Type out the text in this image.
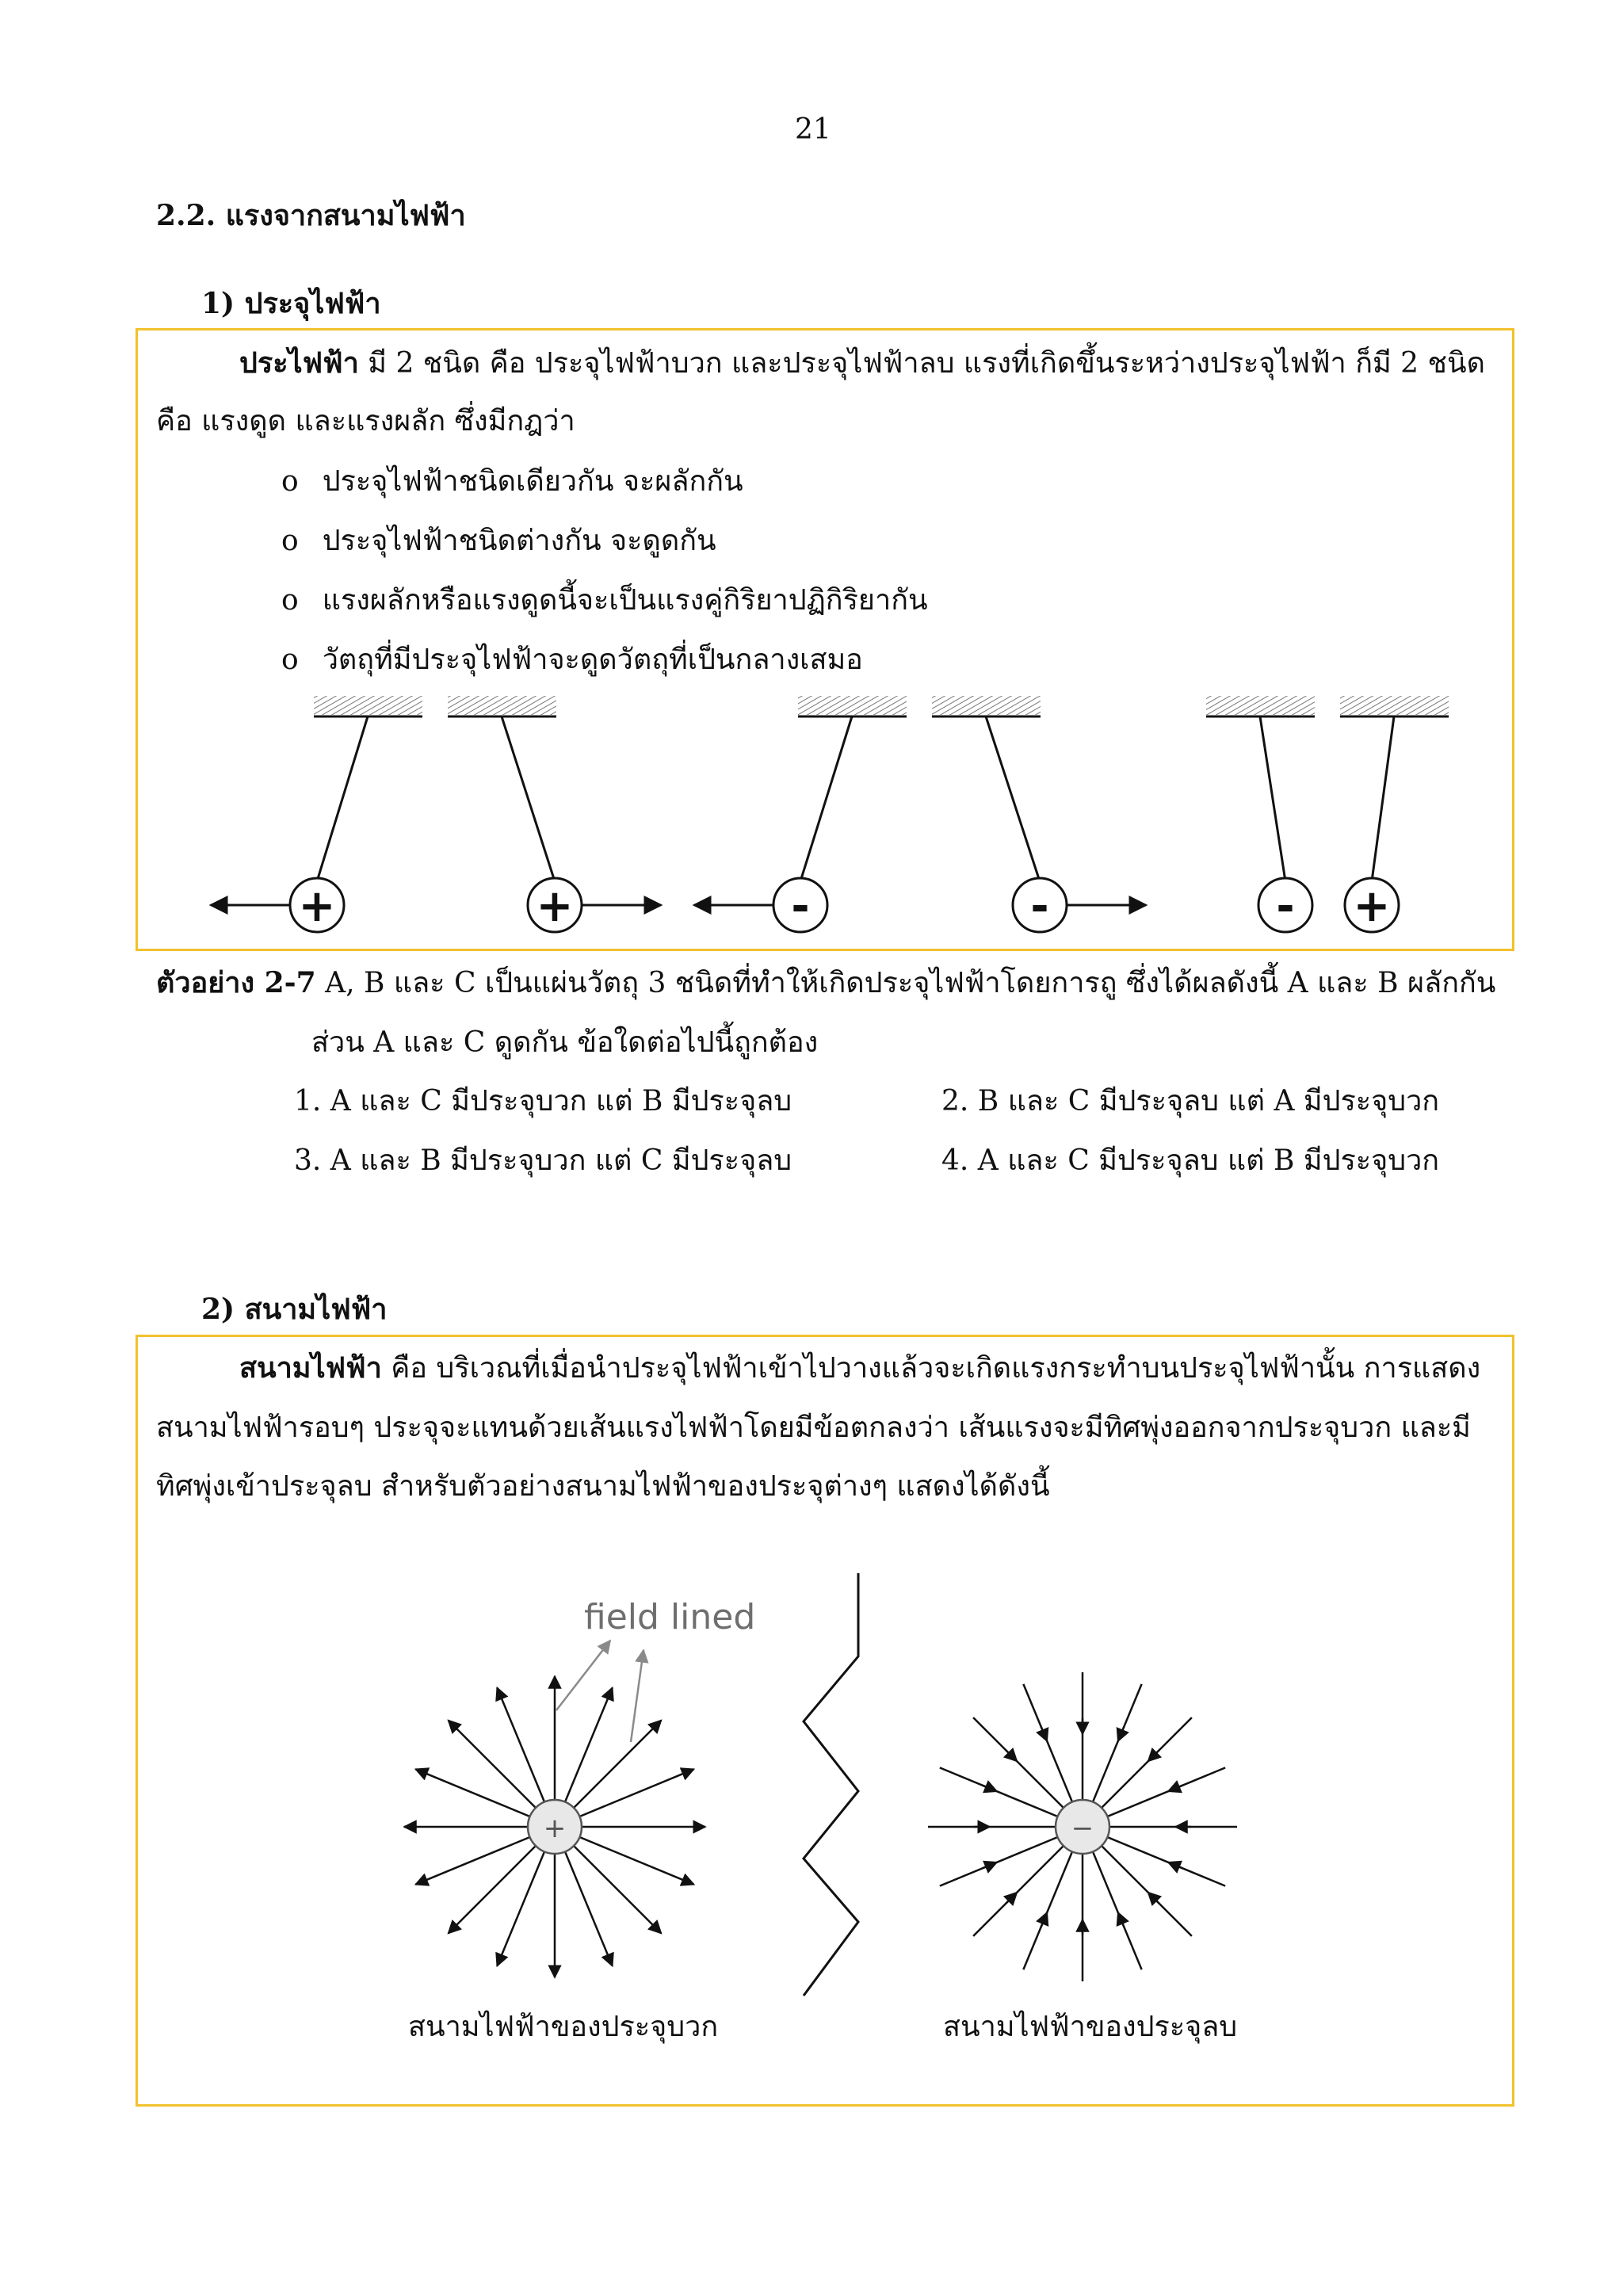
21
2.2. แรงจากสนามไฟฟ้า
1) ประจุไฟฟ้า
ประไฟฟ้า มี 2 ชนิด คือ ประจุไฟฟ้าบวก และประจุไฟฟ้าลบ แรงที่เกิดขึ้นระหว่างประจุไฟฟ้า ก็มี 2 ชนิด
คือ แรงดูด และแรงผลัก ซึ่งมีกฎว่า
o ประจุไฟฟ้าชนิดเดียวกัน จะผลักกัน
o ประจุไฟฟ้าชนิดต่างกัน จะดูดกัน
o แรงผลักหรือแรงดูดนี้จะเป็นแรงคู่กิริยาปฏิกิริยากัน
o วัตถุที่มีประจุไฟฟ้าจะดูดวัตถุที่เป็นกลางเสมอ
+	+	-	-	- +
ตัวอย่าง 2-7 A, B และ C เป็นแผ่นวัตถุ 3 ชนิดที่ทำให้เกิดประจุไฟฟ้าโดยการถู ซึ่งได้ผลดังนี้ A และ B ผลักกัน
ส่วน A และ C ดูดกัน ข้อใดต่อไปนี้ถูกต้อง
1. A และ C มีประจุบวก แต่ B มีประจุลบ	2. B และ C มีประจุลบ แต่ A มีประจุบวก
3. A และ B มีประจุบวก แต่ C มีประจุลบ	4. A และ C มีประจุลบ แต่ B มีประจุบวก
2) สนามไฟฟ้า
สนามไฟฟ้า คือ บริเวณที่เมื่อนำประจุไฟฟ้าเข้าไปวางแล้วจะเกิดแรงกระทำบนประจุไฟฟ้านั้น การแสดง
สนามไฟฟ้ารอบๆ ประจุจะแทนด้วยเส้นแรงไฟฟ้าโดยมีข้อตกลงว่า เส้นแรงจะมีทิศพุ่งออกจากประจุบวก และมี
ทิศพุ่งเข้าประจุลบ สำหรับตัวอย่างสนามไฟฟ้าของประจุต่างๆ แสดงได้ดังนี้
+	−
field lined
สนามไฟฟ้าของประจุบวก	สนามไฟฟ้าของประจุลบ
